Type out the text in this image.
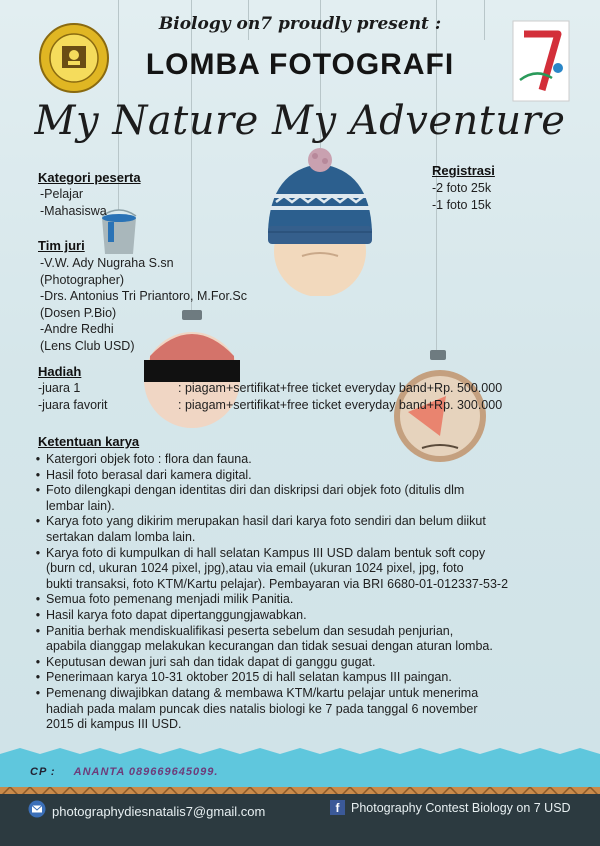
Biology on7 proudly present :
LOMBA FOTOGRAFI
My Nature My Adventure
Kategori peserta
-Pelajar
-Mahasiswa
Registrasi
-2 foto 25k
-1 foto 15k
Tim juri
-V.W. Ady Nugraha S.sn
(Photographer)
-Drs. Antonius Tri Priantoro, M.For.Sc
(Dosen P.Bio)
-Andre Redhi
(Lens Club USD)
Hadiah
-juara 1	: piagam+sertifikat+free ticket everyday band+Rp. 500.000
-juara favorit	: piagam+sertifikat+free ticket everyday band+Rp. 300.000
Ketentuan karya
• Katergori objek foto : flora dan fauna.
• Hasil foto berasal dari kamera digital.
• Foto dilengkapi dengan identitas diri dan diskripsi dari objek foto (ditulis dlm
lembar lain).
• Karya foto yang dikirim merupakan hasil dari karya foto sendiri dan belum diikut
sertakan dalam lomba lain.
• Karya foto di kumpulkan di hall selatan Kampus III USD dalam bentuk soft copy
(burn cd, ukuran 1024 pixel, jpg),atau via email (ukuran 1024 pixel, jpg, foto
bukti transaksi, foto KTM/Kartu pelajar). Pembayaran via BRI 6680-01-012337-53-2
• Semua foto pemenang menjadi milik Panitia.
• Hasil karya foto dapat dipertanggungjawabkan.
• Panitia berhak mendiskualifikasi peserta sebelum dan sesudah penjurian,
apabila dianggap melakukan kecurangan dan tidak sesuai dengan aturan lomba.
• Keputusan dewan juri sah dan tidak dapat di ganggu gugat.
• Penerimaan karya 10-31 oktober 2015 di hall selatan kampus III paingan.
• Pemenang diwajibkan datang & membawa KTM/kartu pelajar untuk menerima
hadiah pada malam puncak dies natalis biologi ke 7 pada tanggal 6 november
2015 di kampus III USD.
CP : ANANTA 089669645099.
photographydiesnatalis7@gmail.com	f Photography Contest Biology on 7 USD
